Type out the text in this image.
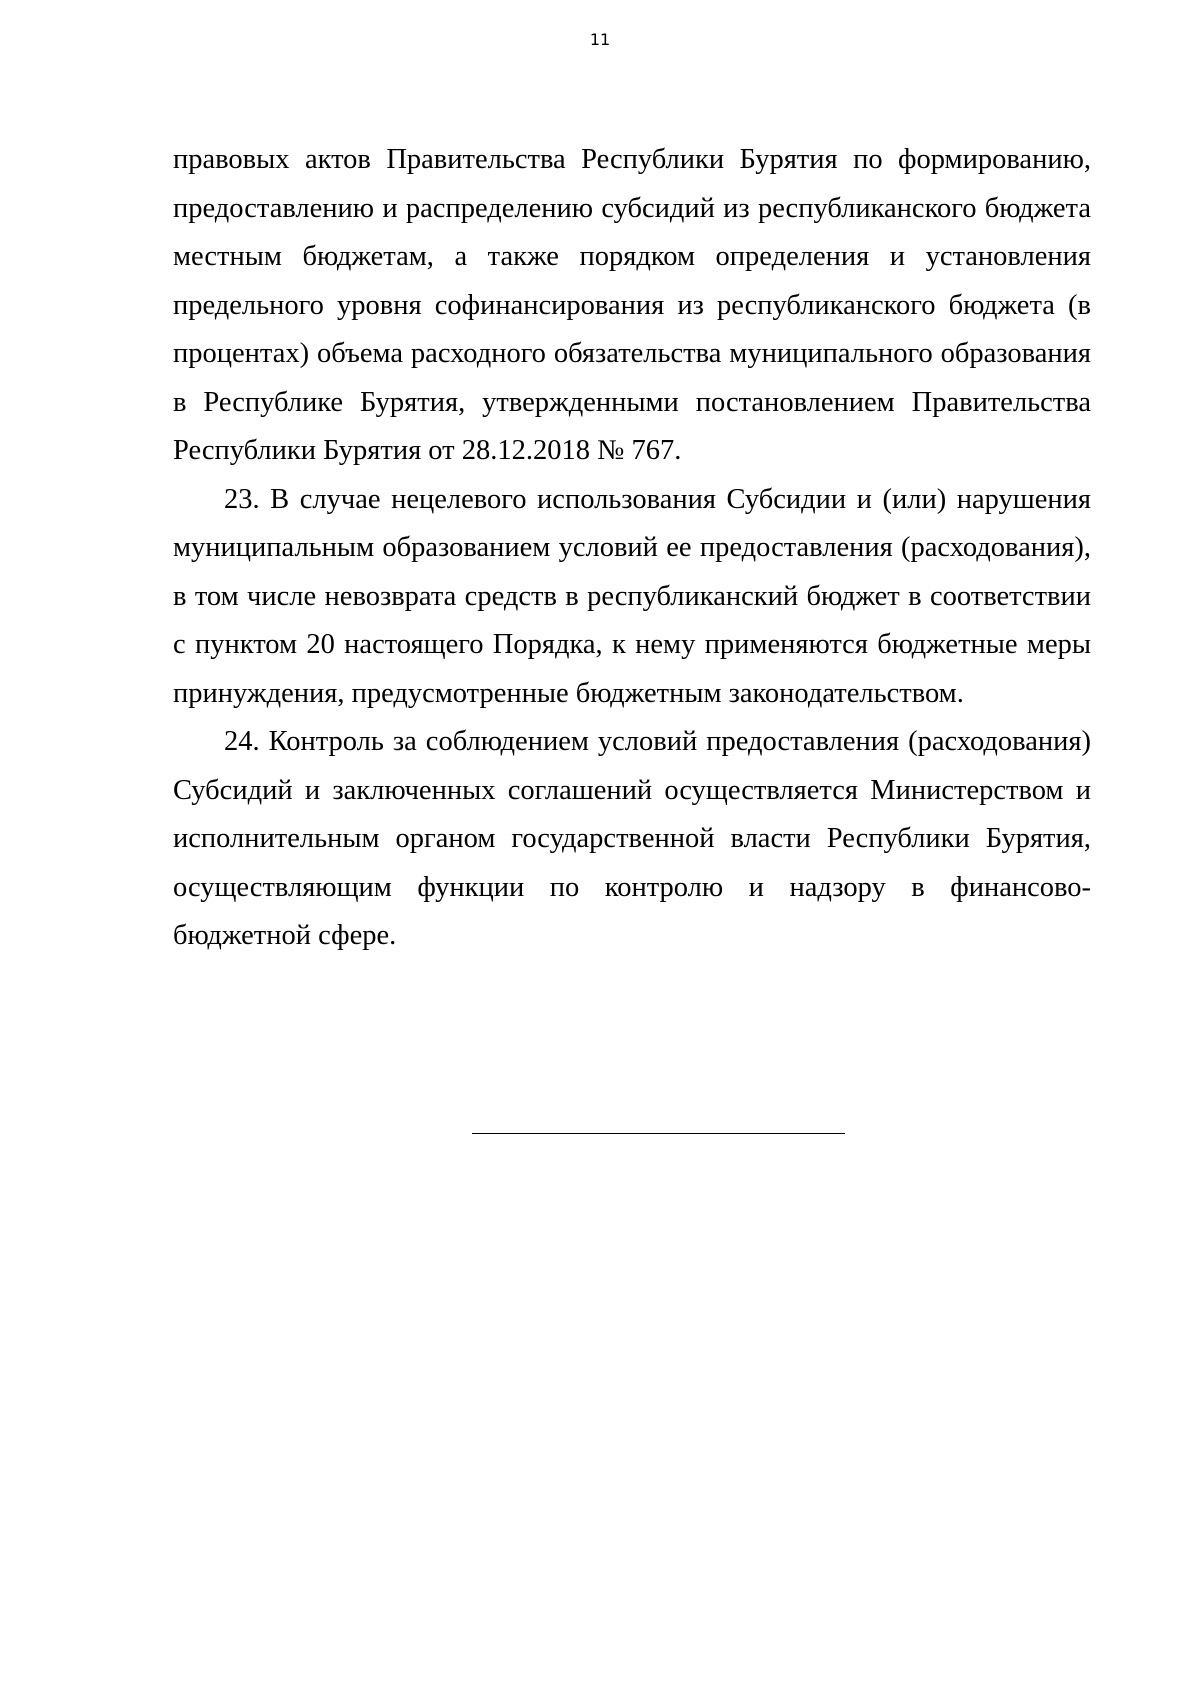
11

правовых актов Правительства Республики Бурятия по формированию, предоставлению и распределению субсидий из республиканского бюджета местным бюджетам, а также порядком определения и установления предельного уровня софинансирования из республиканского бюджета (в процентах) объема расходного обязательства муниципального образования в Республике Бурятия, утвержденными постановлением Правительства Республики Бурятия от 28.12.2018 № 767.

23. В случае нецелевого использования Субсидии и (или) нарушения муниципальным образованием условий ее предоставления (расходования), в том числе невозврата средств в республиканский бюджет в соответствии с пунктом 20 настоящего Порядка, к нему применяются бюджетные меры принуждения, предусмотренные бюджетным законодательством.

24. Контроль за соблюдением условий предоставления (расходования) Субсидий и заключенных соглашений осуществляется Министерством и исполнительным органом государственной власти Республики Бурятия, осуществляющим функции по контролю и надзору в финансово-бюджетной сфере.
